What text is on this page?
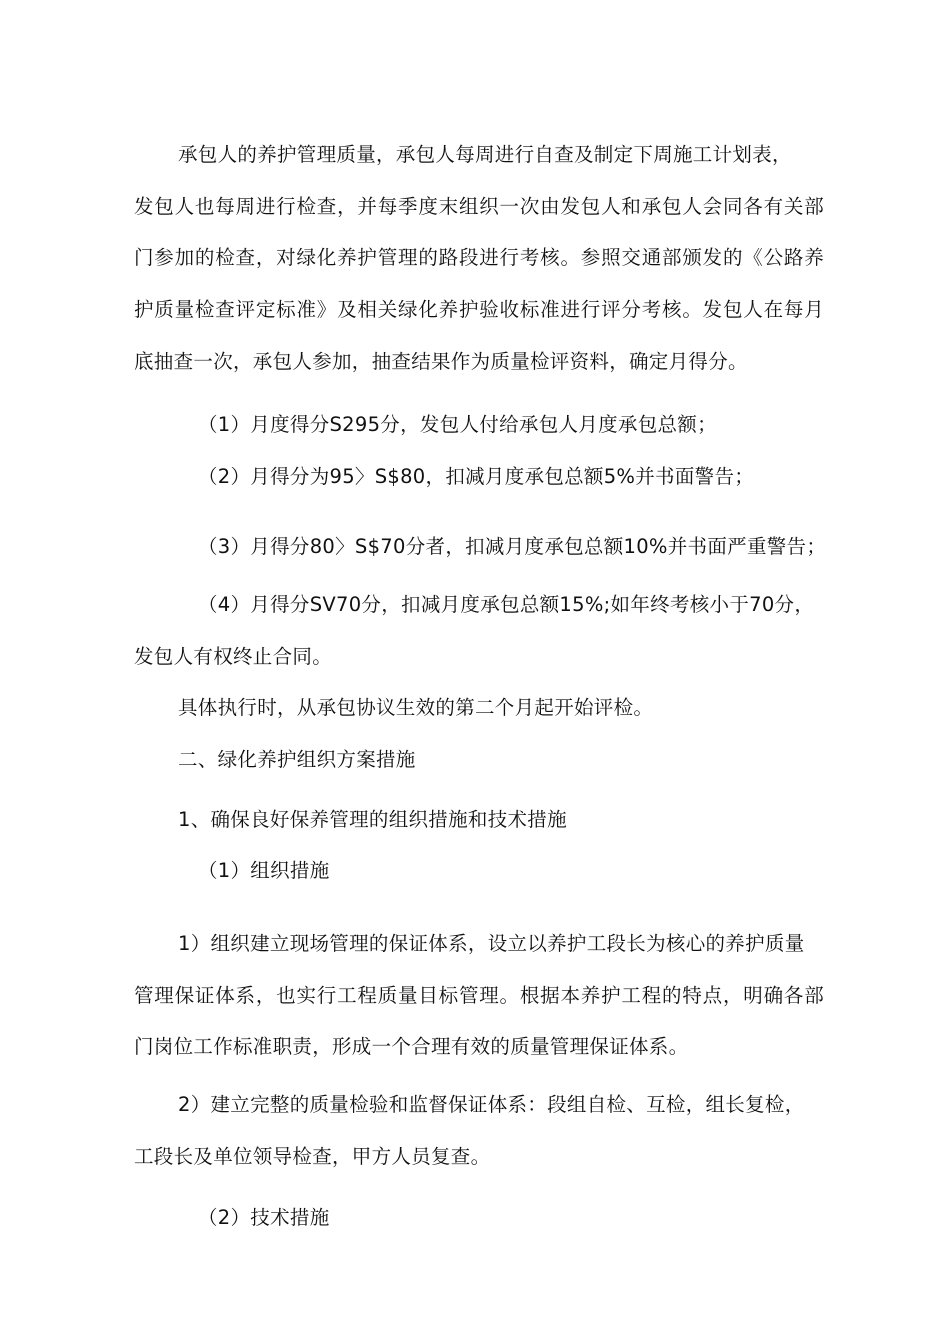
承包人的养护管理质量，承包人每周进行自查及制定下周施工计划表，
发包人也每周进行检查，并每季度末组织一次由发包人和承包人会同各有关部
门参加的检查，对绿化养护管理的路段进行考核。参照交通部颁发的《公路养
护质量检查评定标准》及相关绿化养护验收标准进行评分考核。发包人在每月
底抽查一次，承包人参加，抽查结果作为质量检评资料，确定月得分。
（1）月度得分S295分，发包人付给承包人月度承包总额；
（2）月得分为95〉S$80，扣减月度承包总额5%并书面警告；
（3）月得分80〉S$70分者，扣减月度承包总额10%并书面严重警告；
（4）月得分SV70分，扣减月度承包总额15%;如年终考核小于70分，
发包人有权终止合同。
具体执行时，从承包协议生效的第二个月起开始评检。
二、绿化养护组织方案措施
1、确保良好保养管理的组织措施和技术措施
（1）组织措施
1）组织建立现场管理的保证体系，设立以养护工段长为核心的养护质量
管理保证体系，也实行工程质量目标管理。根据本养护工程的特点，明确各部
门岗位工作标准职责，形成一个合理有效的质量管理保证体系。
2）建立完整的质量检验和监督保证体系：段组自检、互检，组长复检，
工段长及单位领导检查，甲方人员复查。
（2）技术措施
